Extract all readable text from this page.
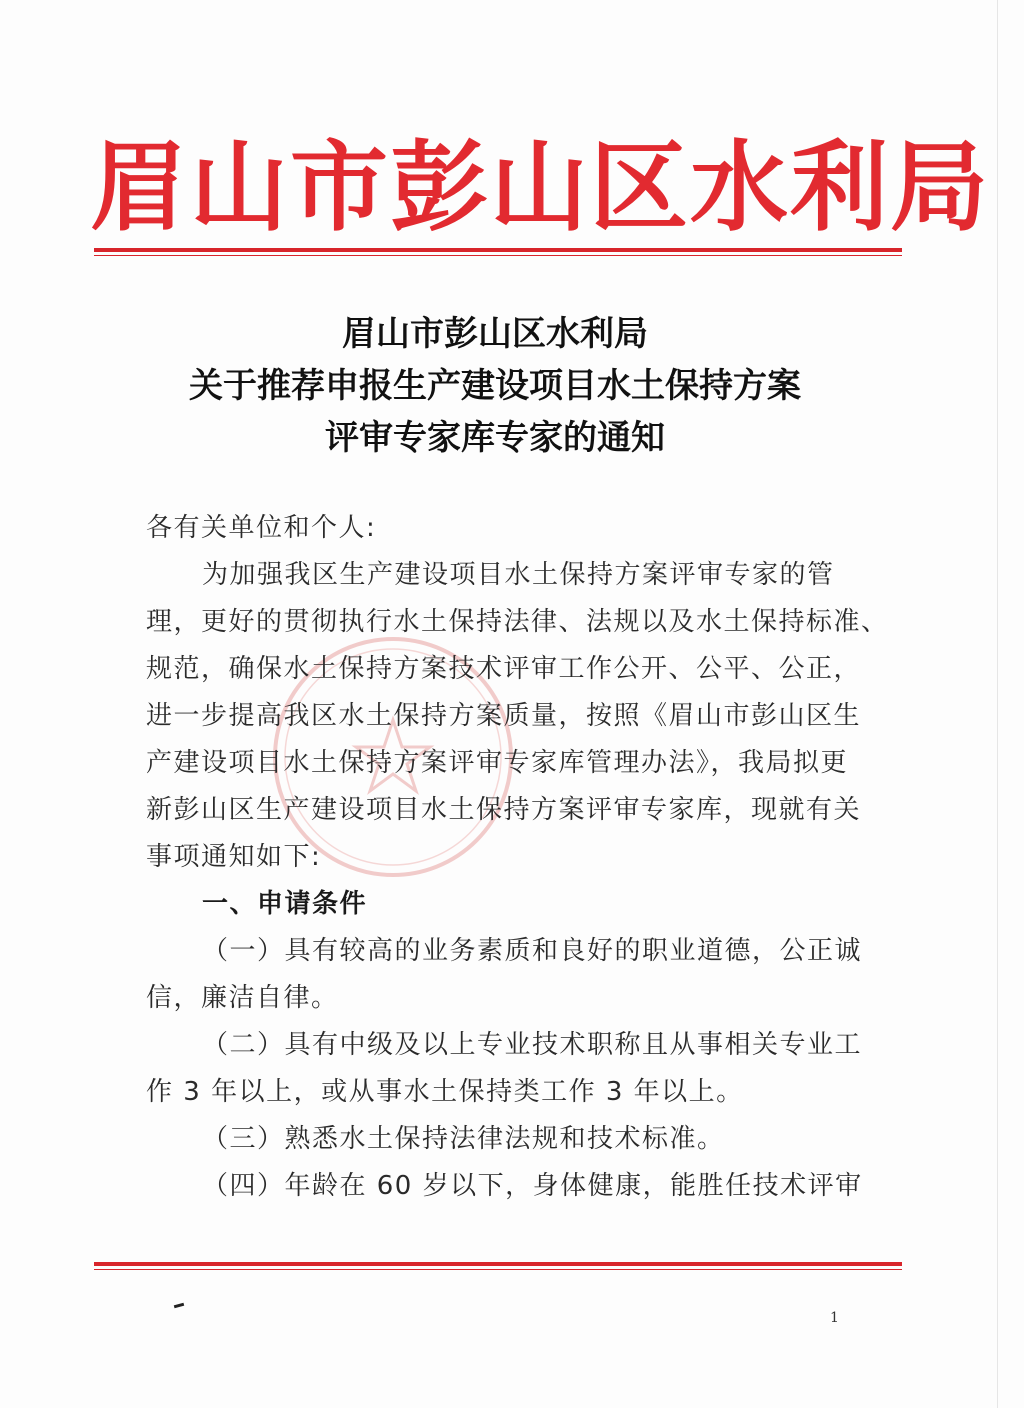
眉山市彭山区水利局
眉山市彭山区水利局
关于推荐申报生产建设项目水土保持方案
评审专家库专家的通知
各有关单位和个人:
为加强我区生产建设项目水土保持方案评审专家的管
理，更好的贯彻执行水土保持法律、法规以及水土保持标准、
规范，确保水土保持方案技术评审工作公开、公平、公正，
进一步提高我区水土保持方案质量，按照《眉山市彭山区生
产建设项目水土保持方案评审专家库管理办法》，我局拟更
新彭山区生产建设项目水土保持方案评审专家库，现就有关
事项通知如下:
一、申请条件
（一）具有较高的业务素质和良好的职业道德，公正诚
信，廉洁自律。
（二）具有中级及以上专业技术职称且从事相关专业工
作 3 年以上，或从事水土保持类工作 3 年以上。
（三）熟悉水土保持法律法规和技术标准。
（四）年龄在 60 岁以下，身体健康，能胜任技术评审
1
